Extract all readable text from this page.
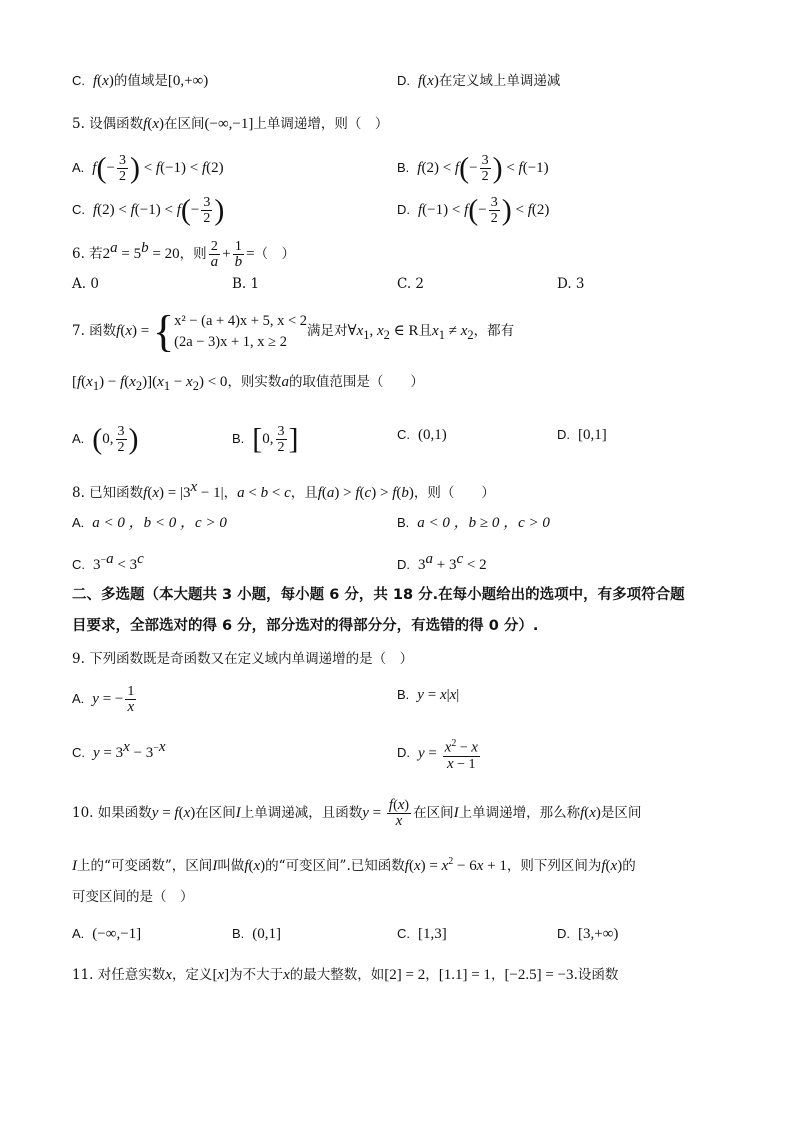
C. f(x)的值域是[0,+∞)	D. f(x)在定义域上单调递减
5. 设偶函数f(x)在区间(−∞,−1]上单调递增，则（　）
A. $f(- \frac{3}{2}$ ) < f(−1) < f(2)	B. $f(2) < f(- \frac{3}{2}$ ) < f(−1)
C. $f(2) < f(-1) < f(- \frac{3}{2}$ )	D. $f(-1) < f(- \frac{3}{2}$ ) < f(2)
6. 若$2^a = 5^b = 20$，则 $\frac{2}{a} + \frac{1}{b}$ =（　）
A. 0	B. 1	C. 2	D. 3
7. 函数f(x) = { x² − (a + 4)x + 5, x < 2
(2a − 3)x + 1, x ≥ 2
满足对$\forall x_1$, $x_2$ ∈ R且$x_1 \ne x_2$，都有
$[f(x_1) - f(x_2)](x_1 - x_2) < 0$，则实数a的取值范围是（　　）
A. (0, $\frac{3}{2}$ )	B. [0, $\frac{3}{2}$ ]	C. (0,1)	D. [0,1]
8. 已知函数$f(x) = |3^x - 1|$，a < b < c，且f(a) > f(c) > f(b)，则（　　）
A. a < 0 ，b < 0 ，c > 0	B. a < 0 ，b ≥ 0 ，c > 0
C. $3^{-a} < 3^c$	D. $3^a + 3^c < 2$
二、多选题（本大题共 3 小题，每小题 6 分，共 18 分.在每小题给出的选项中，有多项符合题
目要求，全部选对的得 6 分，部分选对的得部分分，有选错的得 0 分）.
9. 下列函数既是奇函数又在定义域内单调递增的是（　）
A. y = − $\frac{1}{x}$	B. y = x|x|
C. $y = 3^x - 3^{-x}$	D. $y = \frac{x^2 - x}{x - 1}$
10. 如果函数y = f(x)在区间I上单调递减，且函数$y = \frac{f(x)}{x}$ 在区间I上单调递增，那么称f(x)是区间
I上的“可变函数”，区间I叫做f(x)的“可变区间”.已知函数$f(x) = x^2 - 6x + 1$，则下列区间为f(x)的
可变区间的是（　）
A. (−∞,−1]	B. (0,1]	C. [1,3]	D. [3,+∞)
11. 对任意实数x，定义[x]为不大于x的最大整数，如[2] = 2，[1.1] = 1，[−2.5] = −3.设函数
